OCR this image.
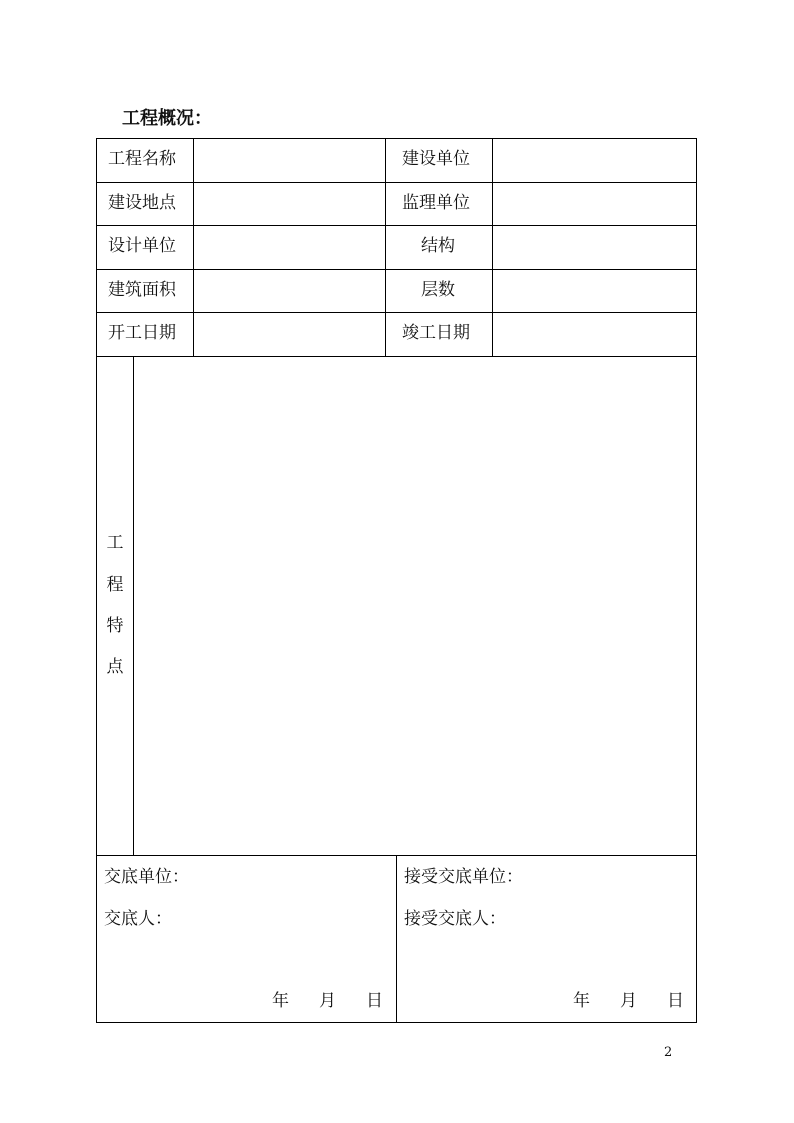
工程概况：
工程名称	建设单位
建设地点	监理单位
设计单位	结构
建筑面积	层数
开工日期	竣工日期
工
程
特
点
交底单位：
交底人：
年 月 日
接受交底单位：
接受交底人：
年 月 日
2
